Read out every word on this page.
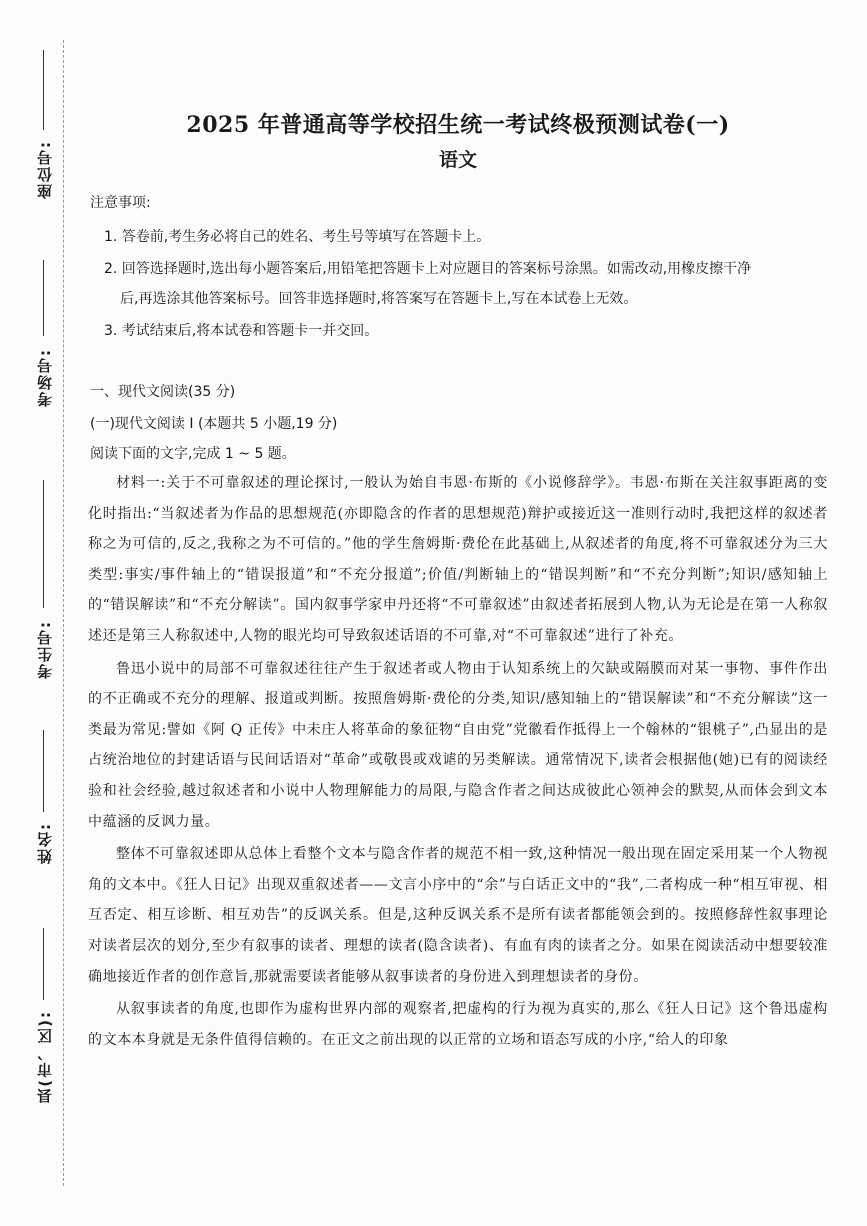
座位号:
考场号:
考生号:
姓名:
县(市、区):
2025 年普通高等学校招生统一考试终极预测试卷(一)
语文
注意事项:
1. 答卷前,考生务必将自己的姓名、考生号等填写在答题卡上。
2. 回答选择题时,选出每小题答案后,用铅笔把答题卡上对应题目的答案标号涂黑。如需改动,用橡皮擦干净
后,再选涂其他答案标号。回答非选择题时,将答案写在答题卡上,写在本试卷上无效。
3. 考试结束后,将本试卷和答题卡一并交回。
一、现代文阅读(35 分)
(一)现代文阅读 I (本题共 5 小题,19 分)
阅读下面的文字,完成 1 ~ 5 题。

材料一:关于不可靠叙述的理论探讨,一般认为始自韦恩·布斯的《小说修辞学》。韦恩·布斯在关注叙事距离的变化时指出:“当叙述者为作品的思想规范(亦即隐含的作者的思想规范)辩护或接近这一准则行动时,我把这样的叙述者称之为可信的,反之,我称之为不可信的。”他的学生詹姆斯·费伦在此基础上,从叙述者的角度,将不可靠叙述分为三大类型:事实/事件轴上的“错误报道”和“不充分报道”;价值/判断轴上的“错误判断”和“不充分判断”;知识/感知轴上的“错误解读”和“不充分解读”。国内叙事学家申丹还将“不可靠叙述”由叙述者拓展到人物,认为无论是在第一人称叙述还是第三人称叙述中,人物的眼光均可导致叙述话语的不可靠,对“不可靠叙述”进行了补充。

鲁迅小说中的局部不可靠叙述往往产生于叙述者或人物由于认知系统上的欠缺或隔膜而对某一事物、事件作出的不正确或不充分的理解、报道或判断。按照詹姆斯·费伦的分类,知识/感知轴上的“错误解读”和“不充分解读”这一类最为常见:譬如《阿 Q 正传》中未庄人将革命的象征物“自由党”党徽看作抵得上一个翰林的“银桃子”,凸显出的是占统治地位的封建话语与民间话语对“革命”或敬畏或戏谑的另类解读。通常情况下,读者会根据他(她)已有的阅读经验和社会经验,越过叙述者和小说中人物理解能力的局限,与隐含作者之间达成彼此心领神会的默契,从而体会到文本中蕴涵的反讽力量。

整体不可靠叙述即从总体上看整个文本与隐含作者的规范不相一致,这种情况一般出现在固定采用某一个人物视角的文本中。《狂人日记》出现双重叙述者——文言小序中的“余”与白话正文中的“我”,二者构成一种“相互审视、相互否定、相互诊断、相互劝告”的反讽关系。但是,这种反讽关系不是所有读者都能领会到的。按照修辞性叙事理论对读者层次的划分,至少有叙事的读者、理想的读者(隐含读者)、有血有肉的读者之分。如果在阅读活动中想要较准确地接近作者的创作意旨,那就需要读者能够从叙事读者的身份进入到理想读者的身份。

从叙事读者的角度,也即作为虚构世界内部的观察者,把虚构的行为视为真实的,那么《狂人日记》这个鲁迅虚构的文本本身就是无条件值得信赖的。在正文之前出现的以正常的立场和语态写成的小序,“给人的印象
